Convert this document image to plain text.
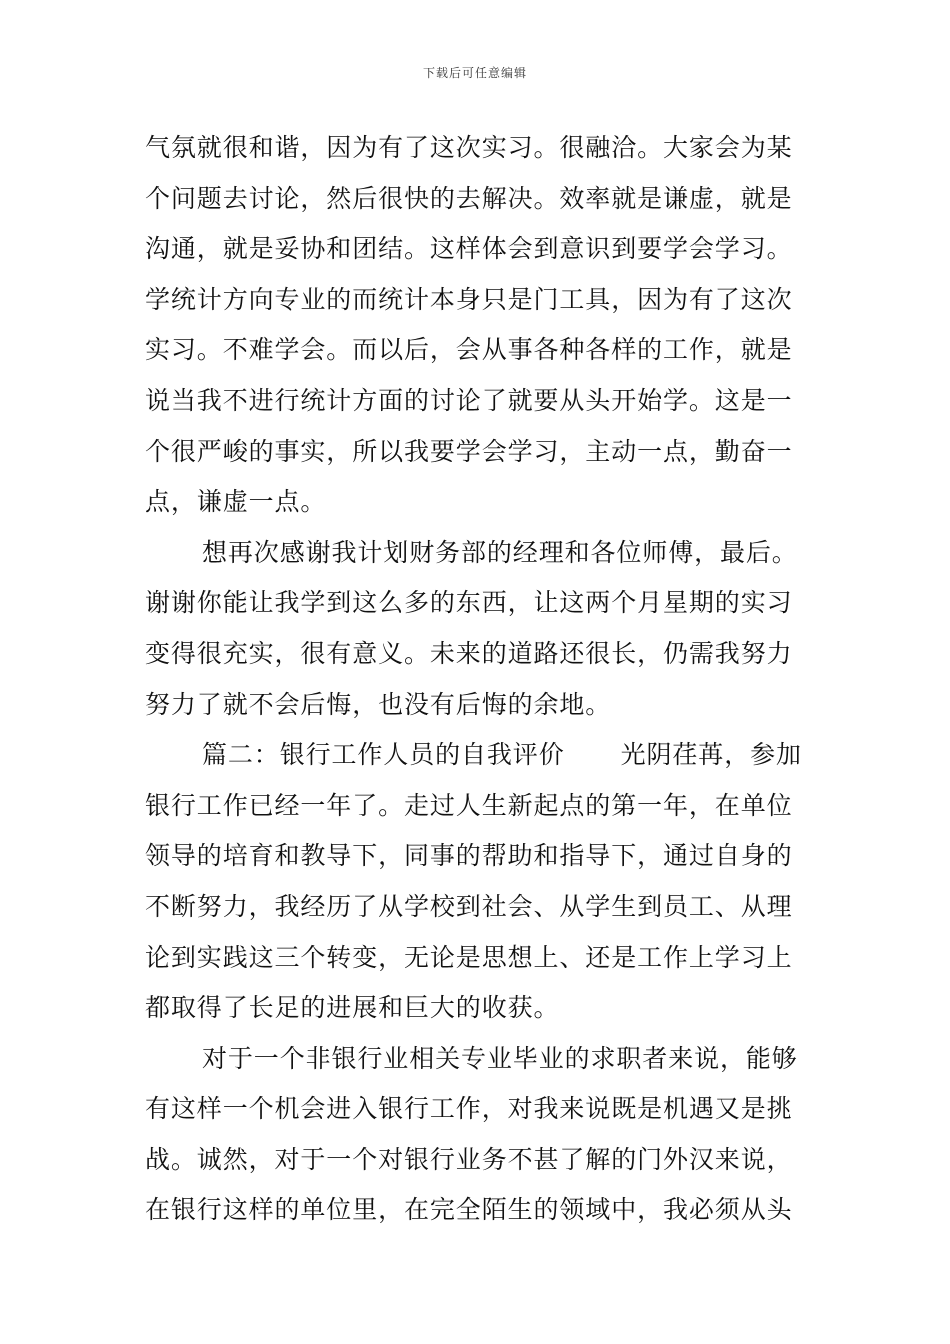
下载后可任意编辑
气氛就很和谐，因为有了这次实习。很融洽。大家会为某
个问题去讨论，然后很快的去解决。效率就是谦虚，就是
沟通，就是妥协和团结。这样体会到意识到要学会学习。
学统计方向专业的而统计本身只是门工具，因为有了这次
实习。不难学会。而以后，会从事各种各样的工作，就是
说当我不进行统计方面的讨论了就要从头开始学。这是一
个很严峻的事实，所以我要学会学习，主动一点，勤奋一
点，谦虚一点。
想再次感谢我计划财务部的经理和各位师傅，最后。
谢谢你能让我学到这么多的东西，让这两个月星期的实习
变得很充实，很有意义。未来的道路还很长，仍需我努力
努力了就不会后悔，也没有后悔的余地。
篇二：银行工作人员的自我评价 光阴荏苒，参加
银行工作已经一年了。走过人生新起点的第一年，在单位
领导的培育和教导下，同事的帮助和指导下，通过自身的
不断努力，我经历了从学校到社会、从学生到员工、从理
论到实践这三个转变，无论是思想上、还是工作上学习上
都取得了长足的进展和巨大的收获。
对于一个非银行业相关专业毕业的求职者来说，能够
有这样一个机会进入银行工作，对我来说既是机遇又是挑
战。诚然，对于一个对银行业务不甚了解的门外汉来说，
在银行这样的单位里，在完全陌生的领域中，我必须从头
